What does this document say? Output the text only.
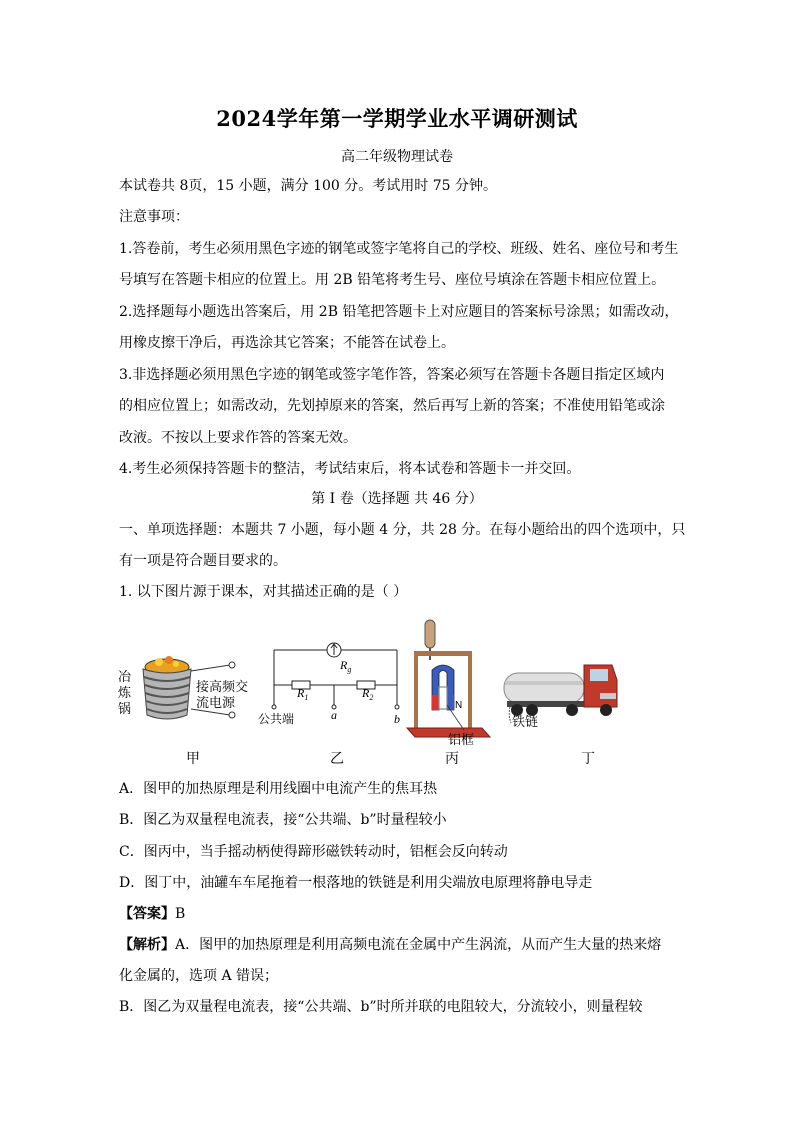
2024学年第一学期学业水平调研测试
高二年级物理试卷
本试卷共 8页，15 小题，满分 100 分。考试用时 75 分钟。
注意事项：
1.答卷前，考生必须用黑色字迹的钢笔或签字笔将自己的学校、班级、姓名、座位号和考生
号填写在答题卡相应的位置上。用 2B 铅笔将考生号、座位号填涂在答题卡相应位置上。
2.选择题每小题选出答案后，用 2B 铅笔把答题卡上对应题目的答案标号涂黑；如需改动，
用橡皮擦干净后，再选涂其它答案；不能答在试卷上。
3.非选择题必须用黑色字迹的钢笔或签字笔作答，答案必须写在答题卡各题目指定区域内
的相应位置上；如需改动，先划掉原来的答案，然后再写上新的答案；不准使用铅笔或涂
改液。不按以上要求作答的答案无效。
4.考生必须保持答题卡的整洁，考试结束后，将本试卷和答题卡一并交回。
第 I 卷（选择题 共 46 分）
一、单项选择题：本题共 7 小题，每小题 4 分，共 28 分。在每小题给出的四个选项中，只
有一项是符合题目要求的。
1. 以下图片源于课本，对其描述正确的是（ ）
冶
炼
锅
接高频交
流电源
$R_g$
$R_1$	$R_2$
公共端	a	b
S N
铝框
铁链
甲	乙	丙	丁
A．图甲的加热原理是利用线圈中电流产生的焦耳热
B．图乙为双量程电流表，接“公共端、b”时量程较小
C．图丙中，当手摇动柄使得蹄形磁铁转动时，铝框会反向转动
D．图丁中，油罐车车尾拖着一根落地的铁链是利用尖端放电原理将静电导走
【答案】B
【解析】A．图甲的加热原理是利用高频电流在金属中产生涡流，从而产生大量的热来熔
化金属的，选项 A 错误；
B．图乙为双量程电流表，接“公共端、b”时所并联的电阻较大，分流较小，则量程较
